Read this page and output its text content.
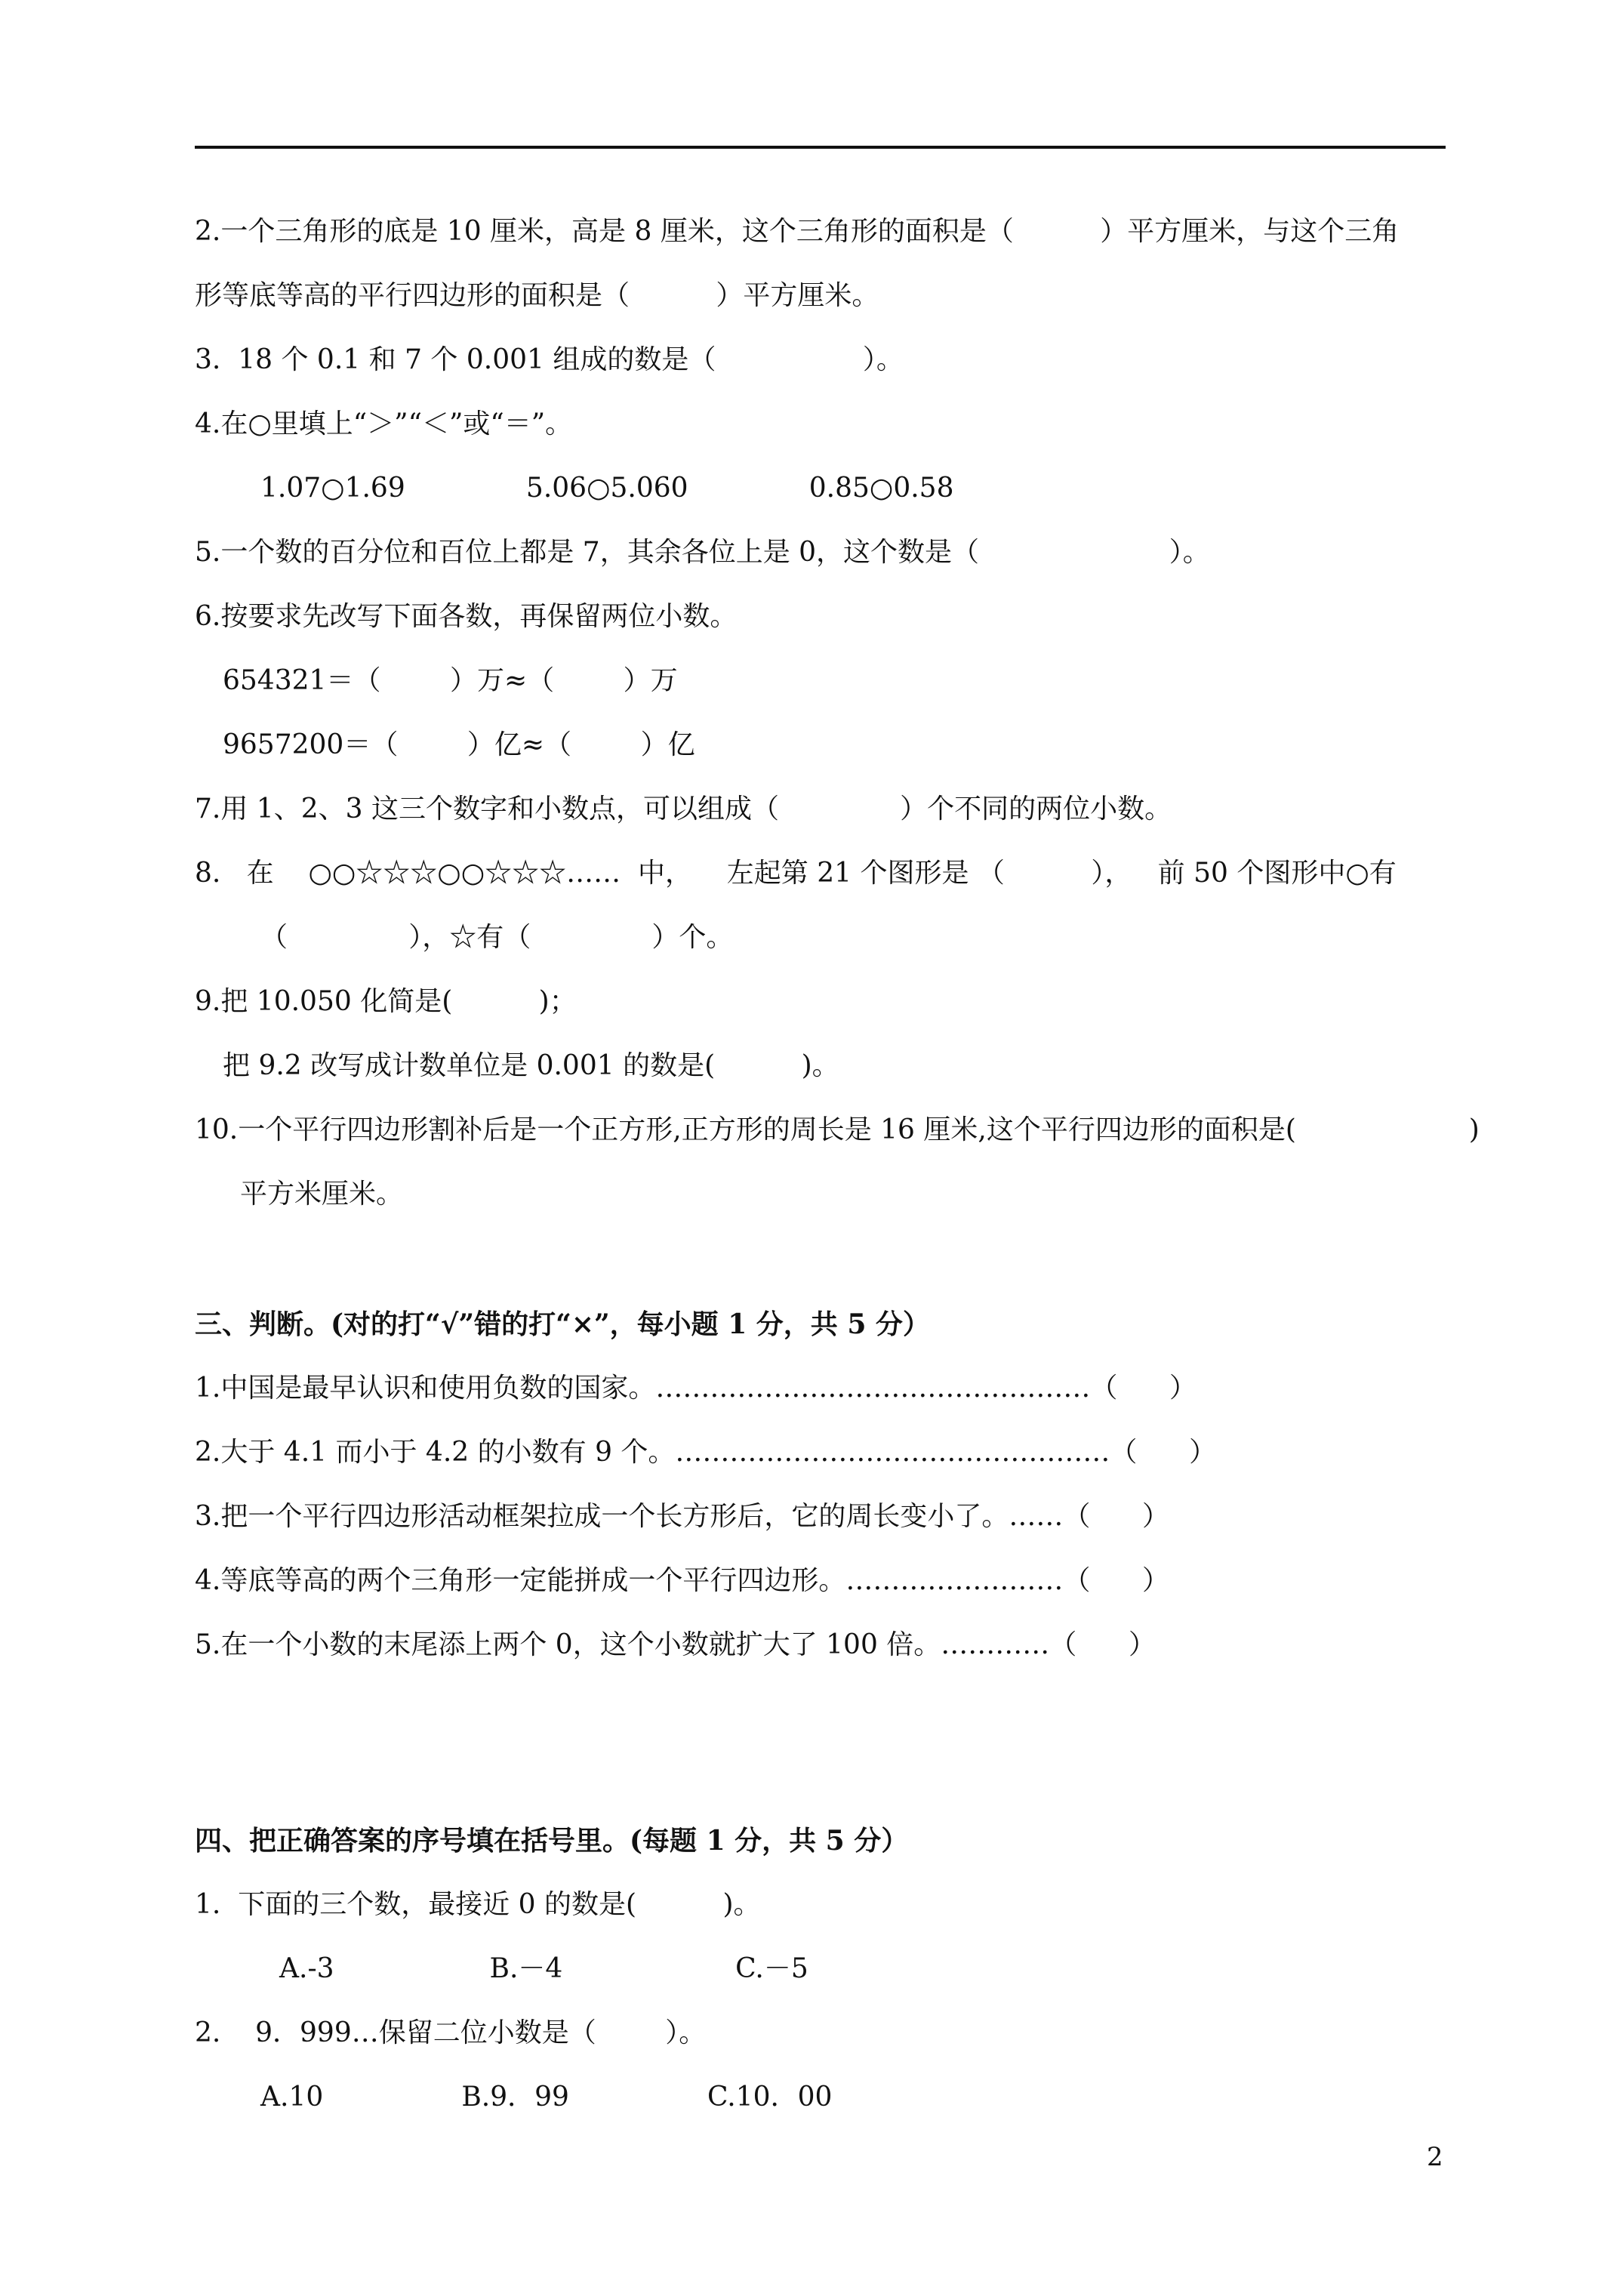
2.一个三角形的底是 10 厘米，高是 8 厘米，这个三角形的面积是（          ）平方厘米，与这个三角
形等底等高的平行四边形的面积是（          ）平方厘米。
3.  18 个 0.1 和 7 个 0.001 组成的数是（                 ）。
4.在○里填上“＞”“＜”或“＝”。
1.07○1.69              5.06○5.060              0.85○0.58
5.一个数的百分位和百位上都是 7，其余各位上是 0，这个数是（                      ）。
6.按要求先改写下面各数，再保留两位小数。
654321＝（        ）万≈（        ）万
9657200＝（        ）亿≈（        ）亿
7.用 1、2、3 这三个数字和小数点，可以组成（              ）个不同的两位小数。
8.   在    ○○☆☆☆○○☆☆☆……  中，    左起第 21 个图形是 （          ），   前 50 个图形中○有
（              ），☆有（              ）个。
9.把 10.050 化简是(          )；
把 9.2 改写成计数单位是 0.001 的数是(          )。
10.一个平行四边形割补后是一个正方形,正方形的周长是 16 厘米,这个平行四边形的面积是(                    )
平方米厘米。
三、判断。(对的打“√”错的打“×”，每小题 1 分，共 5 分）
1.中国是最早认识和使用负数的国家。…………………………………………（      ）
2.大于 4.1 而小于 4.2 的小数有 9 个。…………………………………………（      ）
3.把一个平行四边形活动框架拉成一个长方形后，它的周长变小了。……（      ）
4.等底等高的两个三角形一定能拼成一个平行四边形。……………………（      ）
5.在一个小数的末尾添上两个 0，这个小数就扩大了 100 倍。…………（      ）
四、把正确答案的序号填在括号里。(每题 1 分，共 5 分）
1.  下面的三个数，最接近 0 的数是(          )。
A.-3                  B.－4                    C.－5
2.    9．999…保留二位小数是（        ）。
A.10                B.9．99                C.10．00
2
